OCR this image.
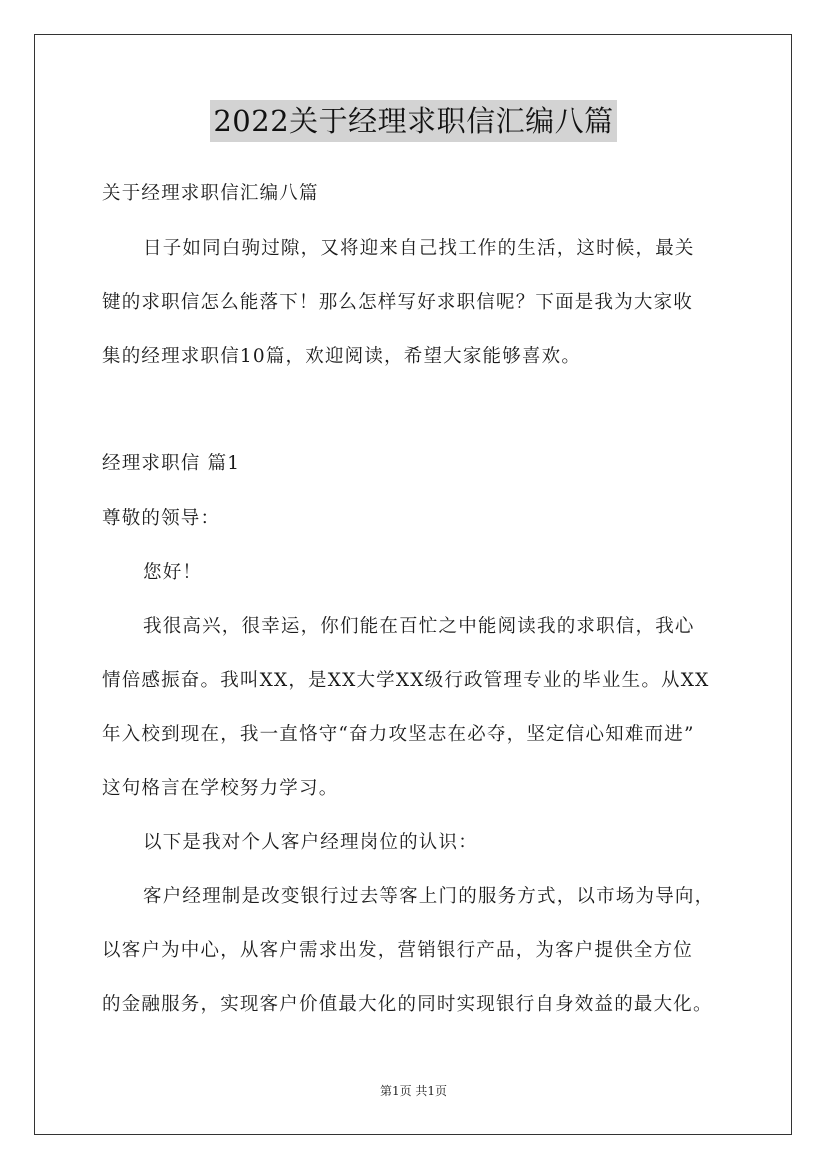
2022关于经理求职信汇编八篇
关于经理求职信汇编八篇
日子如同白驹过隙，又将迎来自己找工作的生活，这时候，最关
键的求职信怎么能落下！那么怎样写好求职信呢？下面是我为大家收
集的经理求职信10篇，欢迎阅读，希望大家能够喜欢。
经理求职信 篇1
尊敬的领导：
您好！
我很高兴，很幸运，你们能在百忙之中能阅读我的求职信，我心
情倍感振奋。我叫XX，是XX大学XX级行政管理专业的毕业生。从XX
年入校到现在，我一直恪守“奋力攻坚志在必夺，坚定信心知难而进”
这句格言在学校努力学习。
以下是我对个人客户经理岗位的认识：
客户经理制是改变银行过去等客上门的服务方式，以市场为导向，
以客户为中心，从客户需求出发，营销银行产品，为客户提供全方位
的金融服务，实现客户价值最大化的同时实现银行自身效益的最大化。
第1页 共1页
